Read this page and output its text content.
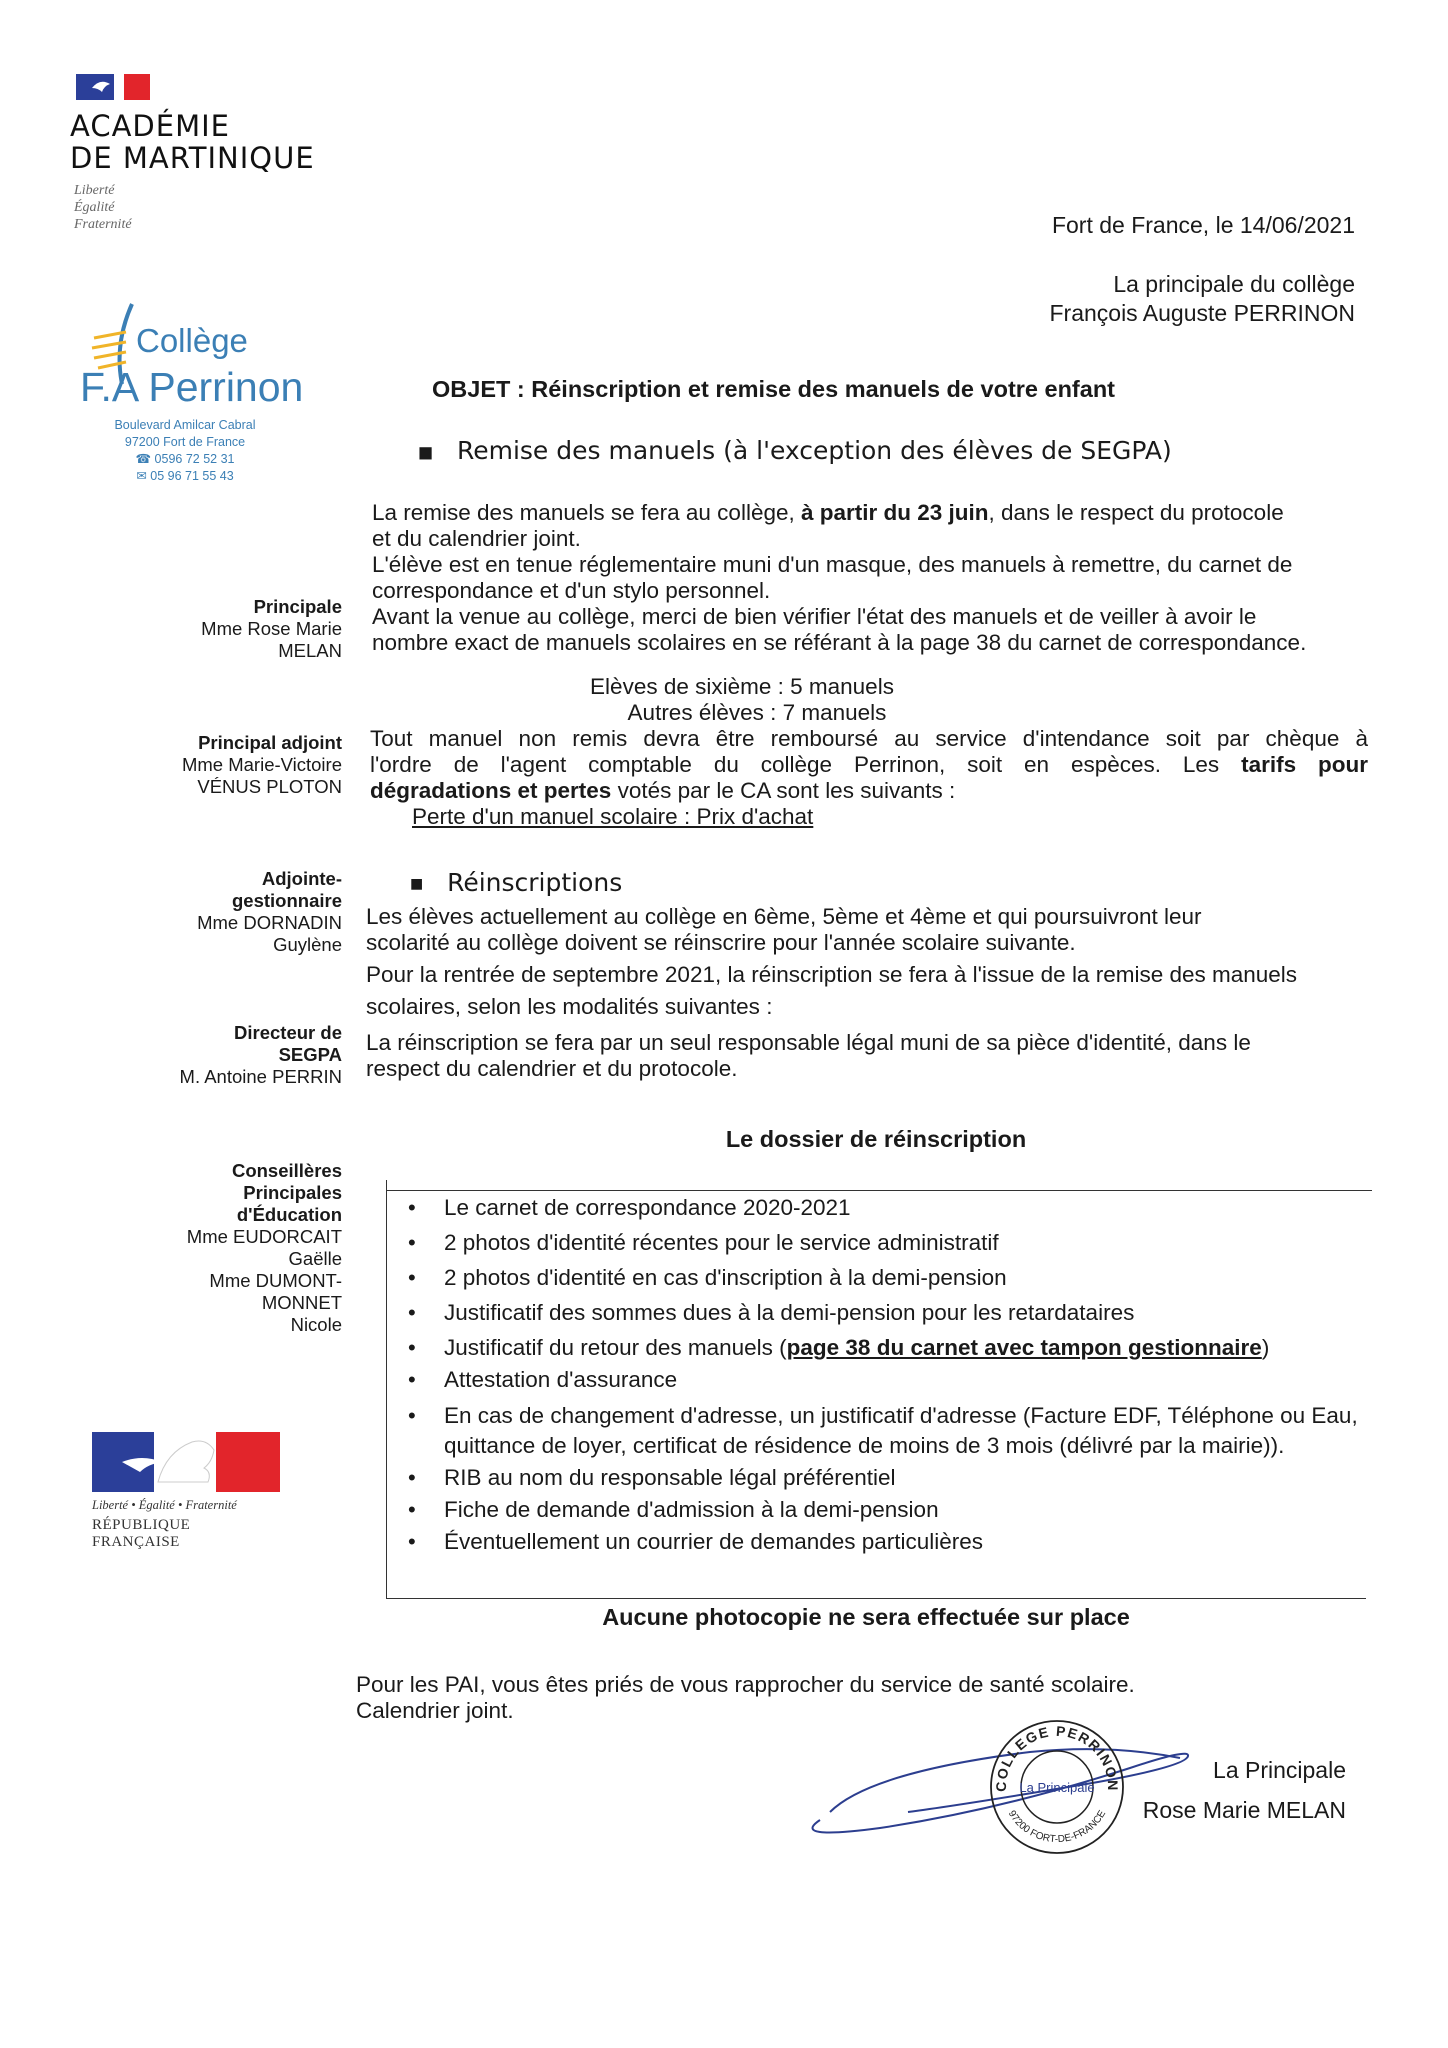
ACADÉMIE
DE MARTINIQUE
Liberté
Égalité
Fraternité
Collège
F.A Perrinon
Boulevard Amilcar Cabral
97200 Fort de France
☎ 0596 72 52 31
✉ 05 96 71 55 43
Fort de France, le 14/06/2021
La principale du collège
François Auguste PERRINON
Principale
Mme Rose Marie
MELAN
Principal adjoint
Mme Marie-Victoire
VÉNUS PLOTON
Adjointe-
gestionnaire
Mme DORNADIN
Guylène
Directeur de
SEGPA
M. Antoine PERRIN
Conseillères
Principales
d'Éducation
Mme EUDORCAIT
Gaëlle
Mme DUMONT-
MONNET
Nicole
OBJET : Réinscription et remise des manuels de votre enfant
■ Remise des manuels (à l'exception des élèves de SEGPA)
La remise des manuels se fera au collège, à partir du 23 juin, dans le respect du protocole
et du calendrier joint.
L'élève est en tenue réglementaire muni d'un masque, des manuels à remettre, du carnet de
correspondance et d'un stylo personnel.
Avant la venue au collège, merci de bien vérifier l'état des manuels et de veiller à avoir le
nombre exact de manuels scolaires en se référant à la page 38 du carnet de correspondance.
Elèves de sixième : 5 manuels
Autres élèves : 7 manuels
Tout manuel non remis devra être remboursé au service d'intendance soit par chèque à
l'ordre de l'agent comptable du collège Perrinon, soit en espèces. Les tarifs pour
dégradations et pertes votés par le CA sont les suivants :
Perte d'un manuel scolaire : Prix d'achat
■ Réinscriptions
Les élèves actuellement au collège en 6ème, 5ème et 4ème et qui poursuivront leur
scolarité au collège doivent se réinscrire pour l'année scolaire suivante.
Pour la rentrée de septembre 2021, la réinscription se fera à l'issue de la remise des manuels
scolaires, selon les modalités suivantes :
La réinscription se fera par un seul responsable légal muni de sa pièce d'identité, dans le
respect du calendrier et du protocole.
Le dossier de réinscription
• Le carnet de correspondance 2020-2021
• 2 photos d'identité récentes pour le service administratif
• 2 photos d'identité en cas d'inscription à la demi-pension
• Justificatif des sommes dues à la demi-pension pour les retardataires
• Justificatif du retour des manuels (page 38 du carnet avec tampon gestionnaire)
• Attestation d'assurance
• En cas de changement d'adresse, un justificatif d'adresse (Facture EDF, Téléphone ou Eau, quittance de loyer, certificat de résidence de moins de 3 mois (délivré par la mairie)).
• RIB au nom du responsable légal préférentiel
• Fiche de demande d'admission à la demi-pension
• Éventuellement un courrier de demandes particulières
Aucune photocopie ne sera effectuée sur place
Pour les PAI, vous êtes priés de vous rapprocher du service de santé scolaire.
Calendrier joint.
Liberté • Égalité • Fraternité
RÉPUBLIQUE FRANÇAISE
COLLEGE PERRINON
97200 FORT-DE-FRANCE
La Principale
La Principale
Rose Marie MELAN
